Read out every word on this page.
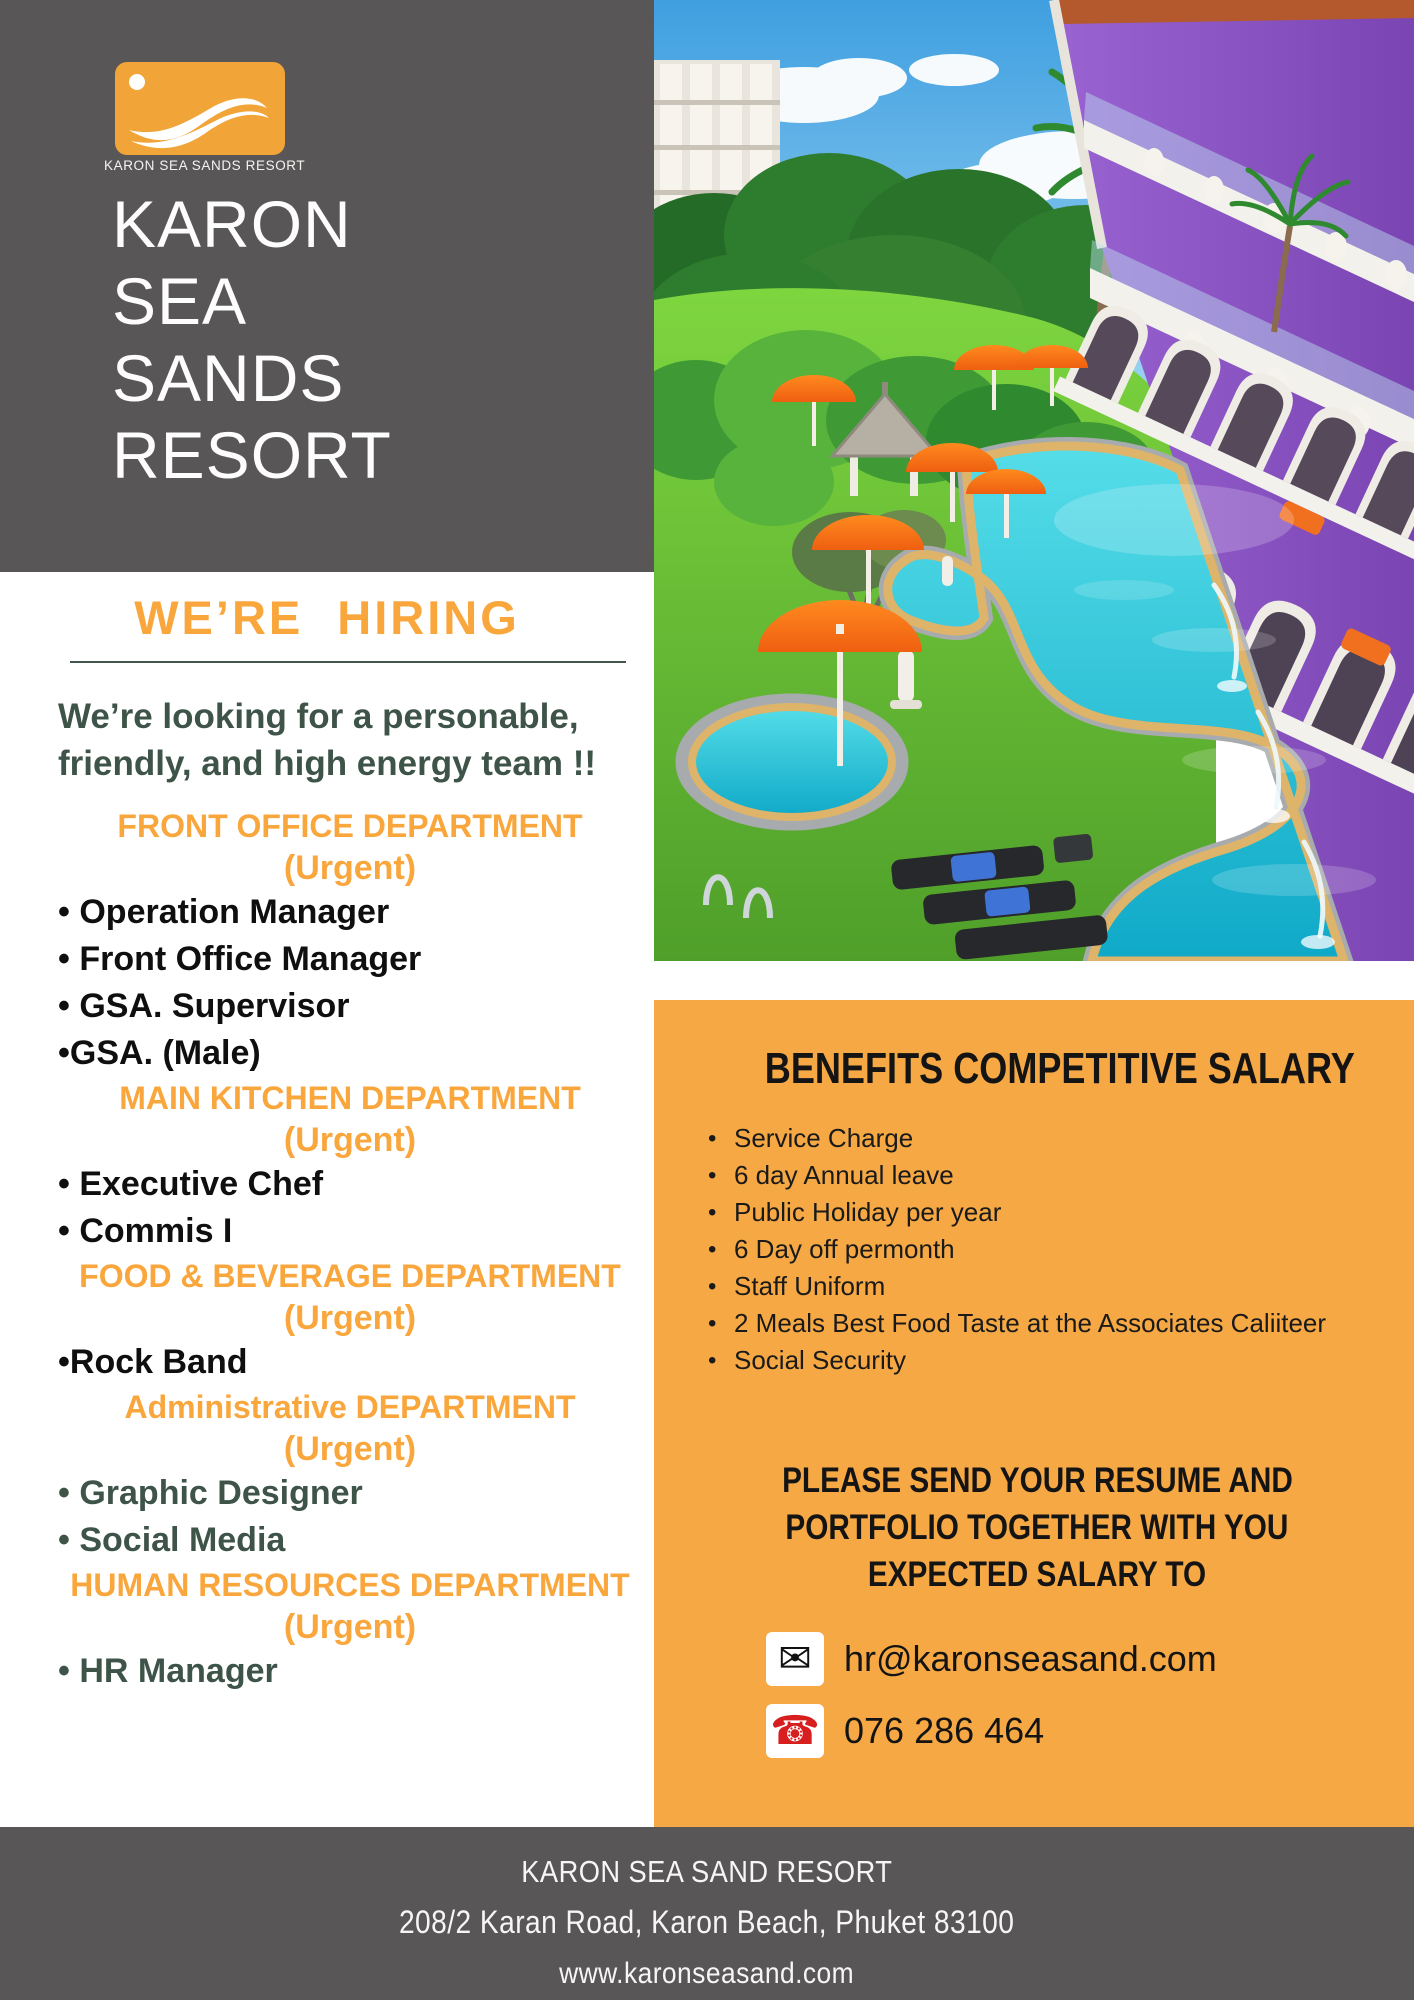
KARON SEA SANDS RESORT
KARON
SEA
SANDS
RESORT
WE’RE HIRING
We’re looking for a personable,
friendly, and high energy team !!
FRONT OFFICE DEPARTMENT
(Urgent)
• Operation Manager
• Front Office Manager
• GSA. Supervisor
•GSA. (Male)
MAIN KITCHEN DEPARTMENT
(Urgent)
• Executive Chef
• Commis I
FOOD & BEVERAGE DEPARTMENT
(Urgent)
•Rock Band
Administrative DEPARTMENT
(Urgent)
• Graphic Designer
• Social Media
HUMAN RESOURCES DEPARTMENT
(Urgent)
• HR Manager
BENEFITS COMPETITIVE SALARY
• Service Charge
• 6 day Annual leave
• Public Holiday per year
• 6 Day off permonth
• Staff Uniform
• 2 Meals Best Food Taste at the Associates Caliiteer
• Social Security
PLEASE SEND YOUR RESUME AND
PORTFOLIO TOGETHER WITH YOU
EXPECTED SALARY TO
✉ hr@karonseasand.com
☎ 076 286 464
KARON SEA SAND RESORT
208/2 Karan Road, Karon Beach, Phuket 83100
www.karonseasand.com
